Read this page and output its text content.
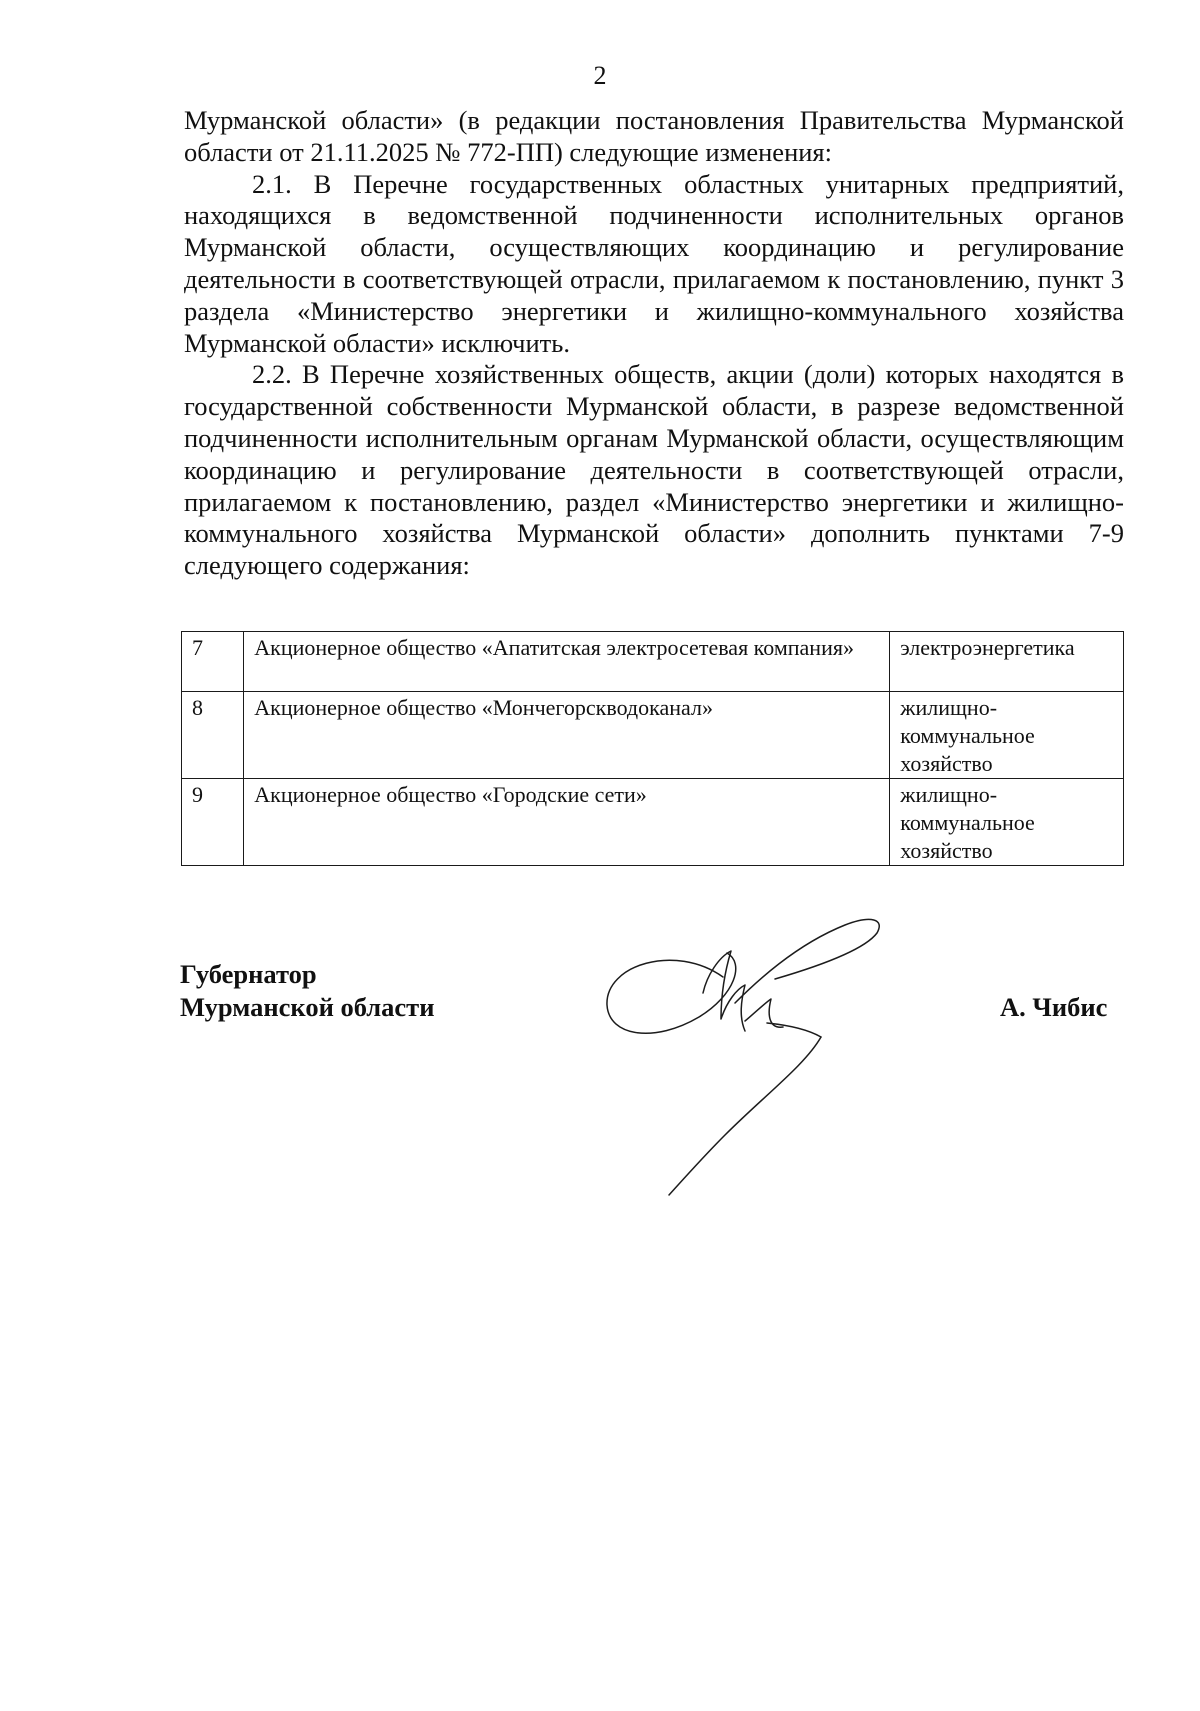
2

Мурманской области» (в редакции постановления Правительства Мурманской области от 21.11.2025 № 772-ПП) следующие изменения:

2.1. В Перечне государственных областных унитарных предприятий, находящихся в ведомственной подчиненности исполнительных органов Мурманской области, осуществляющих координацию и регулирование деятельности в соответствующей отрасли, прилагаемом к постановлению, пункт 3 раздела «Министерство энергетики и жилищно-коммунального хозяйства Мурманской области» исключить.

2.2. В Перечне хозяйственных обществ, акции (доли) которых находятся в государственной собственности Мурманской области, в разрезе ведомственной подчиненности исполнительным органам Мурманской области, осуществляющим координацию и регулирование деятельности в соответствующей отрасли, прилагаемом к постановлению, раздел «Министерство энергетики и жилищно-коммунального хозяйства Мурманской области» дополнить пунктами 7-9 следующего содержания:

7	Акционерное общество «Апатитская электросетевая компания»	электроэнергетика

8	Акционерное общество «Мончегорскводоканал»	жилищно-
коммунальное
хозяйство

9	Акционерное общество «Городские сети»	жилищно-
коммунальное
хозяйство
Губернатор
Мурманской области	А. Чибис
